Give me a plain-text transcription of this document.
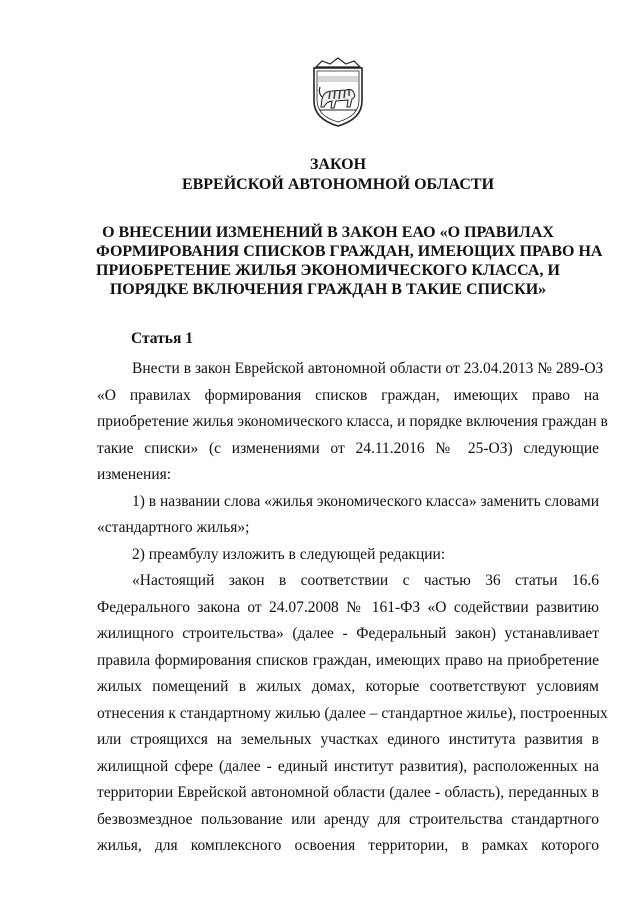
ЗАКОН
ЕВРЕЙСКОЙ АВТОНОМНОЙ ОБЛАСТИ
О ВНЕСЕНИИ ИЗМЕНЕНИЙ В ЗАКОН ЕАО «О ПРАВИЛАХ
ФОРМИРОВАНИЯ СПИСКОВ ГРАЖДАН, ИМЕЮЩИХ ПРАВО НА
ПРИОБРЕТЕНИЕ ЖИЛЬЯ ЭКОНОМИЧЕСКОГО КЛАССА, И
ПОРЯДКЕ ВКЛЮЧЕНИЯ ГРАЖДАН В ТАКИЕ СПИСКИ»
Статья 1
Внести в закон Еврейской автономной области от 23.04.2013 № 289-ОЗ
«О правилах формирования списков граждан, имеющих право на
приобретение жилья экономического класса, и порядке включения граждан в
такие списки» (с изменениями от 24.11.2016 № 25-ОЗ) следующие
изменения:
1) в названии слова «жилья экономического класса» заменить словами
«стандартного жилья»;
2) преамбулу изложить в следующей редакции:
«Настоящий закон в соответствии с частью 36 статьи 16.6
Федерального закона от 24.07.2008 № 161-ФЗ «О содействии развитию
жилищного строительства» (далее - Федеральный закон) устанавливает
правила формирования списков граждан, имеющих право на приобретение
жилых помещений в жилых домах, которые соответствуют условиям
отнесения к стандартному жилью (далее – стандартное жилье), построенных
или строящихся на земельных участках единого института развития в
жилищной сфере (далее - единый институт развития), расположенных на
территории Еврейской автономной области (далее - область), переданных в
безвозмездное пользование или аренду для строительства стандартного
жилья, для комплексного освоения территории, в рамках которого
